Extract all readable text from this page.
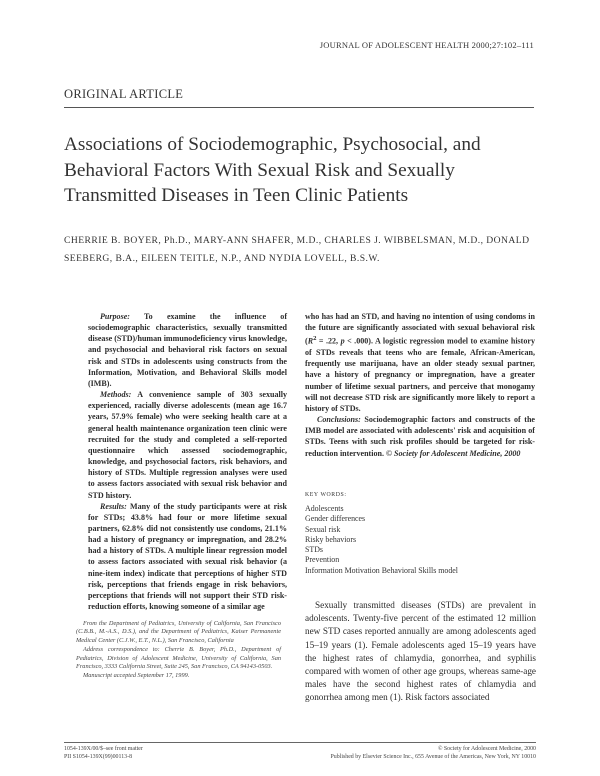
JOURNAL OF ADOLESCENT HEALTH 2000;27:102–111
ORIGINAL ARTICLE
Associations of Sociodemographic, Psychosocial, and Behavioral Factors With Sexual Risk and Sexually Transmitted Diseases in Teen Clinic Patients
CHERRIE B. BOYER, Ph.D., MARY-ANN SHAFER, M.D., CHARLES J. WIBBELSMAN, M.D., DONALD SEEBERG, B.A., EILEEN TEITLE, N.P., AND NYDIA LOVELL, B.S.W.

Purpose: To examine the influence of sociodemographic characteristics, sexually transmitted disease (STD)/human immunodeficiency virus knowledge, and psychosocial and behavioral risk factors on sexual risk and STDs in adolescents using constructs from the Information, Motivation, and Behavioral Skills model (IMB).

Methods: A convenience sample of 303 sexually experienced, racially diverse adolescents (mean age 16.7 years, 57.9% female) who were seeking health care at a general health maintenance organization teen clinic were recruited for the study and completed a self-reported questionnaire which assessed sociodemographic, knowledge, and psychosocial factors, risk behaviors, and history of STDs. Multiple regression analyses were used to assess factors associated with sexual risk behavior and STD history.

Results: Many of the study participants were at risk for STDs; 43.8% had four or more lifetime sexual partners, 62.8% did not consistently use condoms, 21.1% had a history of pregnancy or impregnation, and 28.2% had a history of STDs. A multiple linear regression model to assess factors associated with sexual risk behavior (a nine-item index) indicate that perceptions of higher STD risk, perceptions that friends engage in risk behaviors, perceptions that friends will not support their STD risk-reduction efforts, knowing someone of a similar age

who has had an STD, and having no intention of using condoms in the future are significantly associated with sexual behavioral risk ($R^2 = .22$, p < .000). A logistic regression model to examine history of STDs reveals that teens who are female, African-American, frequently use marijuana, have an older steady sexual partner, have a history of pregnancy or impregnation, have a greater number of lifetime sexual partners, and perceive that monogamy will not decrease STD risk are significantly more likely to report a history of STDs.

Conclusions: Sociodemographic factors and constructs of the IMB model are associated with adolescents' risk and acquisition of STDs. Teens with such risk profiles should be targeted for risk-reduction intervention. © Society for Adolescent Medicine, 2000

KEY WORDS:
Adolescents
Gender differences
Sexual risk
Risky behaviors
STDs
Prevention
Information Motivation Behavioral Skills model

Sexually transmitted diseases (STDs) are prevalent in adolescents. Twenty-five percent of the estimated 12 million new STD cases reported annually are among adolescents aged 15–19 years (1). Female adolescents aged 15–19 years have the highest rates of chlamydia, gonorrhea, and syphilis compared with women of other age groups, whereas same-age males have the second highest rates of chlamydia and gonorrhea among men (1). Risk factors associated

From the Department of Pediatrics, University of California, San Francisco (C.B.B., M.-A.S., D.S.), and the Department of Pediatrics, Kaiser Permanente Medical Center (C.J.W., E.T., N.L.), San Francisco, California

Address correspondence to: Cherrie B. Boyer, Ph.D., Department of Pediatrics, Division of Adolescent Medicine, University of California, San Francisco, 3333 California Street, Suite 245, San Francisco, CA 94143-0503.

Manuscript accepted September 17, 1999.

1054-139X/00/$–see front matter
PII S1054-139X(99)00113-8
© Society for Adolescent Medicine, 2000
Published by Elsevier Science Inc., 655 Avenue of the Americas, New York, NY 10010
